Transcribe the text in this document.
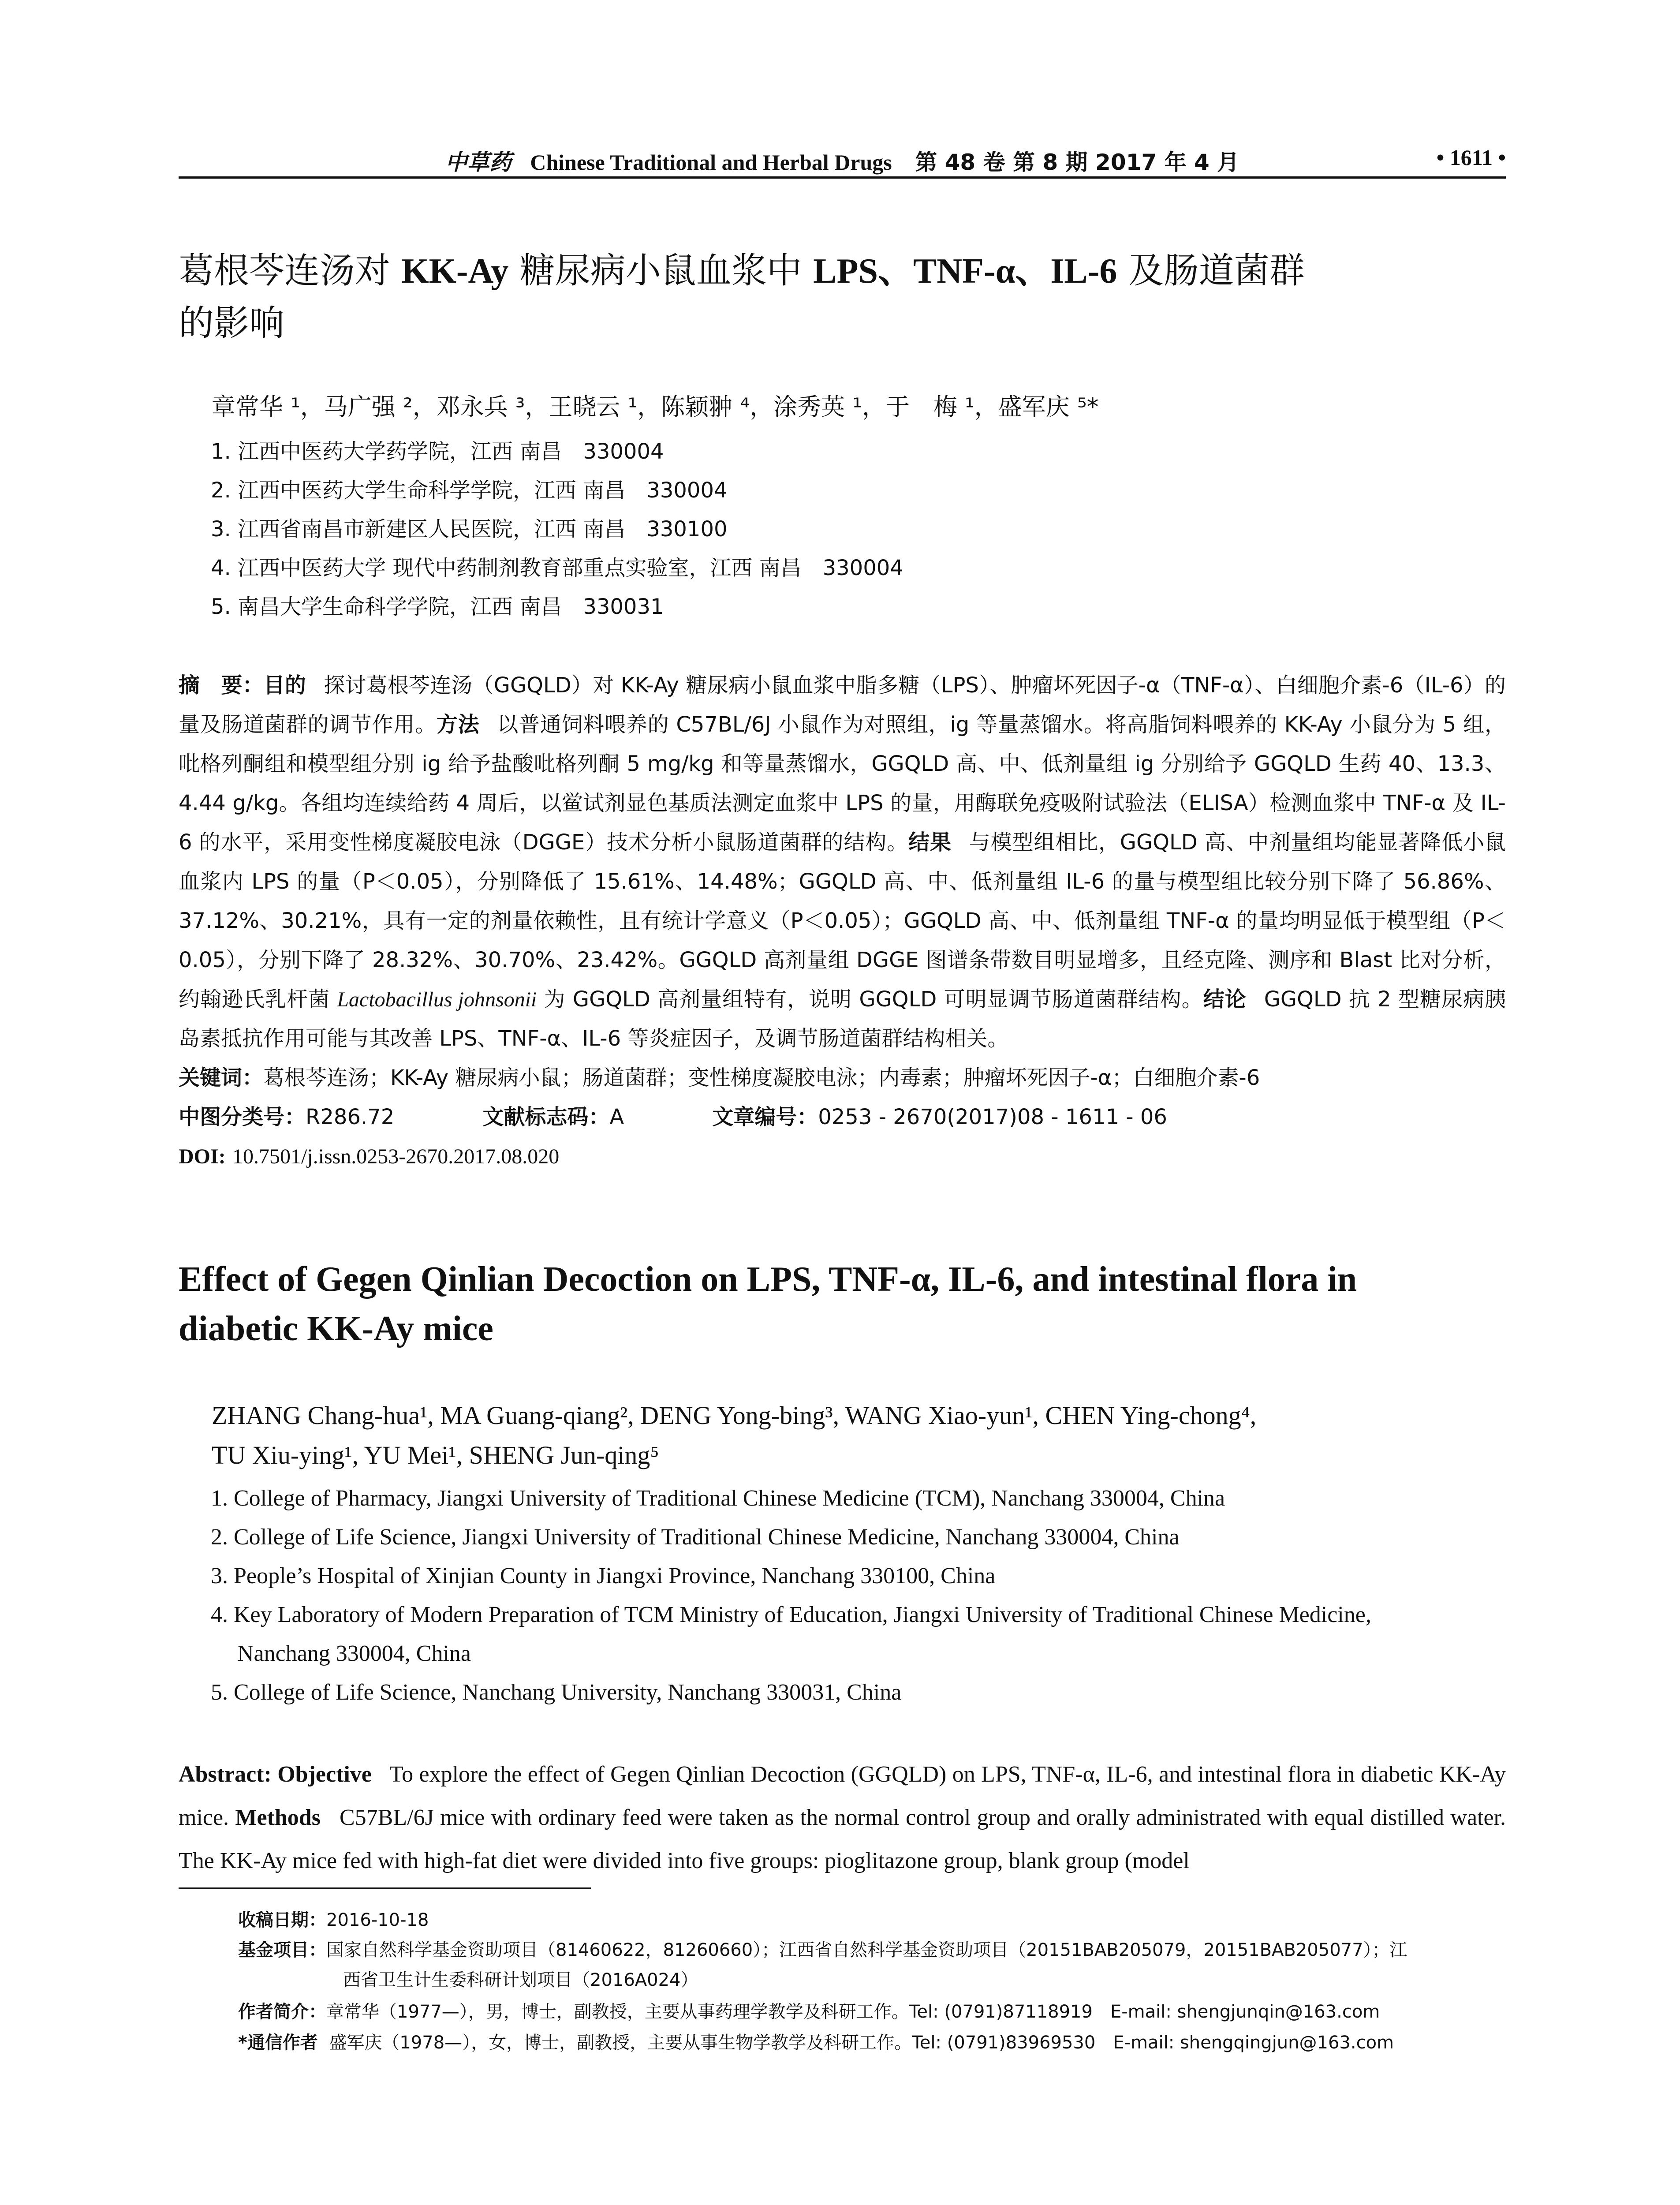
中草药 Chinese Traditional and Herbal Drugs 第 48 卷 第 8 期 2017 年 4 月	• 1611 •
葛根芩连汤对 KK-Ay 糖尿病小鼠血浆中 LPS、TNF-α、IL-6 及肠道菌群
的影响
章常华 ¹，马广强 ²，邓永兵 ³，王晓云 ¹，陈颖翀 ⁴，涂秀英 ¹，于　梅 ¹，盛军庆 ⁵*
1. 江西中医药大学药学院，江西 南昌　330004
2. 江西中医药大学生命科学学院，江西 南昌　330004
3. 江西省南昌市新建区人民医院，江西 南昌　330100
4. 江西中医药大学 现代中药制剂教育部重点实验室，江西 南昌　330004
5. 南昌大学生命科学学院，江西 南昌　330031
摘　要：目的 探讨葛根芩连汤（GGQLD）对 KK-Ay 糖尿病小鼠血浆中脂多糖（LPS）、肿瘤坏死因子-α（TNF-α）、白细胞介素-6（IL-6）的量及肠道菌群的调节作用。方法 以普通饲料喂养的 C57BL/6J 小鼠作为对照组，ig 等量蒸馏水。将高脂饲料喂养的 KK-Ay 小鼠分为 5 组，吡格列酮组和模型组分别 ig 给予盐酸吡格列酮 5 mg/kg 和等量蒸馏水，GGQLD 高、中、低剂量组 ig 分别给予 GGQLD 生药 40、13.3、4.44 g/kg。各组均连续给药 4 周后，以鲎试剂显色基质法测定血浆中 LPS 的量，用酶联免疫吸附试验法（ELISA）检测血浆中 TNF-α 及 IL-6 的水平，采用变性梯度凝胶电泳（DGGE）技术分析小鼠肠道菌群的结构。结果 与模型组相比，GGQLD 高、中剂量组均能显著降低小鼠血浆内 LPS 的量（P＜0.05），分别降低了 15.61%、14.48%；GGQLD 高、中、低剂量组 IL-6 的量与模型组比较分别下降了 56.86%、37.12%、30.21%，具有一定的剂量依赖性，且有统计学意义（P＜0.05）；GGQLD 高、中、低剂量组 TNF-α 的量均明显低于模型组（P＜0.05），分别下降了 28.32%、30.70%、23.42%。GGQLD 高剂量组 DGGE 图谱条带数目明显增多，且经克隆、测序和 Blast 比对分析，约翰逊氏乳杆菌 Lactobacillus johnsonii 为 GGQLD 高剂量组特有，说明 GGQLD 可明显调节肠道菌群结构。结论 GGQLD 抗 2 型糖尿病胰岛素抵抗作用可能与其改善 LPS、TNF-α、IL-6 等炎症因子，及调节肠道菌群结构相关。
关键词：葛根芩连汤；KK-Ay 糖尿病小鼠；肠道菌群；变性梯度凝胶电泳；内毒素；肿瘤坏死因子-α；白细胞介素-6
中图分类号：R286.72	文献标志码：A	文章编号：0253 - 2670(2017)08 - 1611 - 06
DOI: 10.7501/j.issn.0253-2670.2017.08.020
Effect of Gegen Qinlian Decoction on LPS, TNF-α, IL-6, and intestinal flora in
diabetic KK-Ay mice
ZHANG Chang-hua¹, MA Guang-qiang², DENG Yong-bing³, WANG Xiao-yun¹, CHEN Ying-chong⁴,
TU Xiu-ying¹, YU Mei¹, SHENG Jun-qing⁵
1. College of Pharmacy, Jiangxi University of Traditional Chinese Medicine (TCM), Nanchang 330004, China
2. College of Life Science, Jiangxi University of Traditional Chinese Medicine, Nanchang 330004, China
3. People’s Hospital of Xinjian County in Jiangxi Province, Nanchang 330100, China
4. Key Laboratory of Modern Preparation of TCM Ministry of Education, Jiangxi University of Traditional Chinese Medicine,
Nanchang 330004, China
5. College of Life Science, Nanchang University, Nanchang 330031, China
Abstract: Objective To explore the effect of Gegen Qinlian Decoction (GGQLD) on LPS, TNF-α, IL-6, and intestinal flora in diabetic KK-Ay mice. Methods C57BL/6J mice with ordinary feed were taken as the normal control group and orally administrated with equal distilled water. The KK-Ay mice fed with high-fat diet were divided into five groups: pioglitazone group, blank group (model
收稿日期：2016-10-18
基金项目：国家自然科学基金资助项目（81460622，81260660）；江西省自然科学基金资助项目（20151BAB205079，20151BAB205077）；江
西省卫生计生委科研计划项目（2016A024）
作者简介：章常华（1977—），男，博士，副教授，主要从事药理学教学及科研工作。Tel: (0791)87118919　E-mail: shengjunqin@163.com
*通信作者 盛军庆（1978—），女，博士，副教授，主要从事生物学教学及科研工作。Tel: (0791)83969530　E-mail: shengqingjun@163.com
